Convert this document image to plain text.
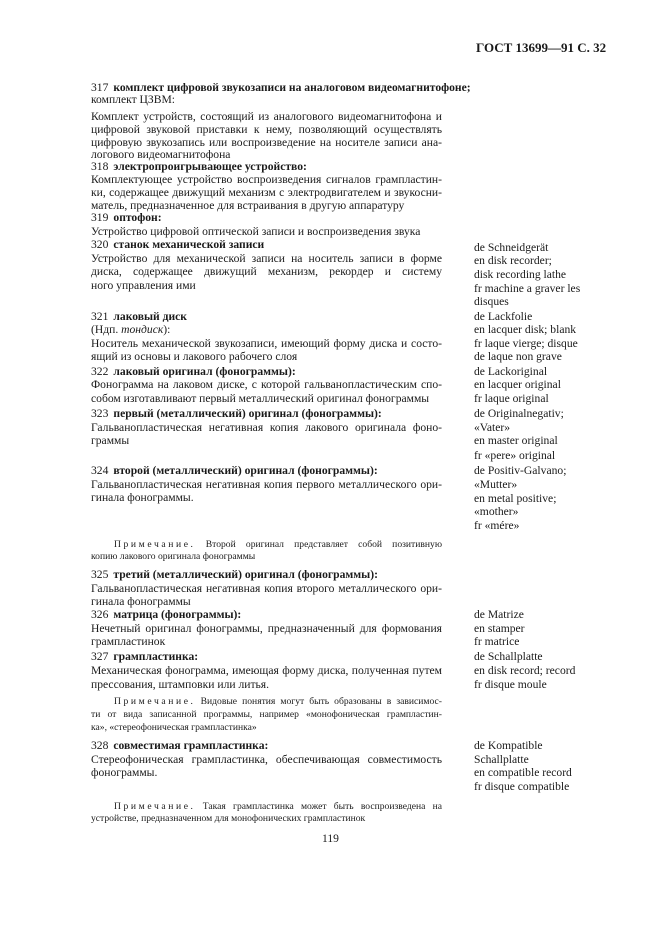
ГОСТ 13699—91 С. 32
317 комплект цифровой звукозаписи на аналоговом видеомагнитофоне;
комплект ЦЗВМ:
Комплект устройств, состоящий из аналогового видеомагнитофона и
цифровой звуковой приставки к нему, позволяющий осуществлять
цифровую звукозапись или воспроизведение на носителе записи ана-
логового видеомагнитофона
318 электропроигрывающее устройство:
Комплектующее устройство воспроизведения сигналов грампластин-
ки, содержащее движущий механизм с электродвигателем и звукосни-
матель, предназначенное для встраивания в другую аппаратуру
319 оптофон:
Устройство цифровой оптической записи и воспроизведения звука
320 станок механической записи
Устройство для механической записи на носитель записи в форме
диска, содержащее движущий механизм, рекордер и систему
ного управления ими
321 лаковый диск
(Ндп. тондиск):
Носитель механической звукозаписи, имеющий форму диска и состо-
ящий из основы и лакового рабочего слоя
322 лаковый оригинал (фонограммы):
Фонограмма на лаковом диске, с которой гальванопластическим спо-
собом изготавливают первый металлический оригинал фонограммы
323 первый (металлический) оригинал (фонограммы):
Гальванопластическая негативная копия лакового оригинала фоно-
граммы
324 второй (металлический) оригинал (фонограммы):
Гальванопластическая негативная копия первого металлического ори-
гинала фонограммы.
Примечание. Второй оригинал представляет собой позитивную
копию лакового оригинала фонограммы
325 третий (металлический) оригинал (фонограммы):
Гальванопластическая негативная копия второго металлического ори-
гинала фонограммы
326 матрица (фонограммы):
Нечетный оригинал фонограммы, предназначенный для формования
грампластинок
327 грампластинка:
Механическая фонограмма, имеющая форму диска, полученная путем
прессования, штамповки или литья.
Примечание. Видовые понятия могут быть образованы в зависимос-
ти от вида записанной программы, например «монофоническая грампластин-
ка», «стереофоническая грампластинка»
328 совместимая грампластинка:
Стереофоническая грампластинка, обеспечивающая совместимость
фонограммы.
Примечание. Такая грампластинка может быть воспроизведена на
устройстве, предназначенном для монофонических грампластинок
de Schneidgerät
en disk recorder;
disk recording lathe
fr machine a graver les
disques
de Lackfolie
en lacquer disk; blank
fr laque vierge; disque
de laque non grave
de Lackoriginal
en lacquer original
fr laque original
de Originalnegativ;
«Vater»
en master original
fr «pere» original
de Positiv-Galvano;
«Mutter»
en metal positive;
«mother»
fr «mére»
de Matrize
en stamper
fr matrice
de Schallplatte
en disk record; record
fr disque moule
de Kompatible
Schallplatte
en compatible record
fr disque compatible
119
